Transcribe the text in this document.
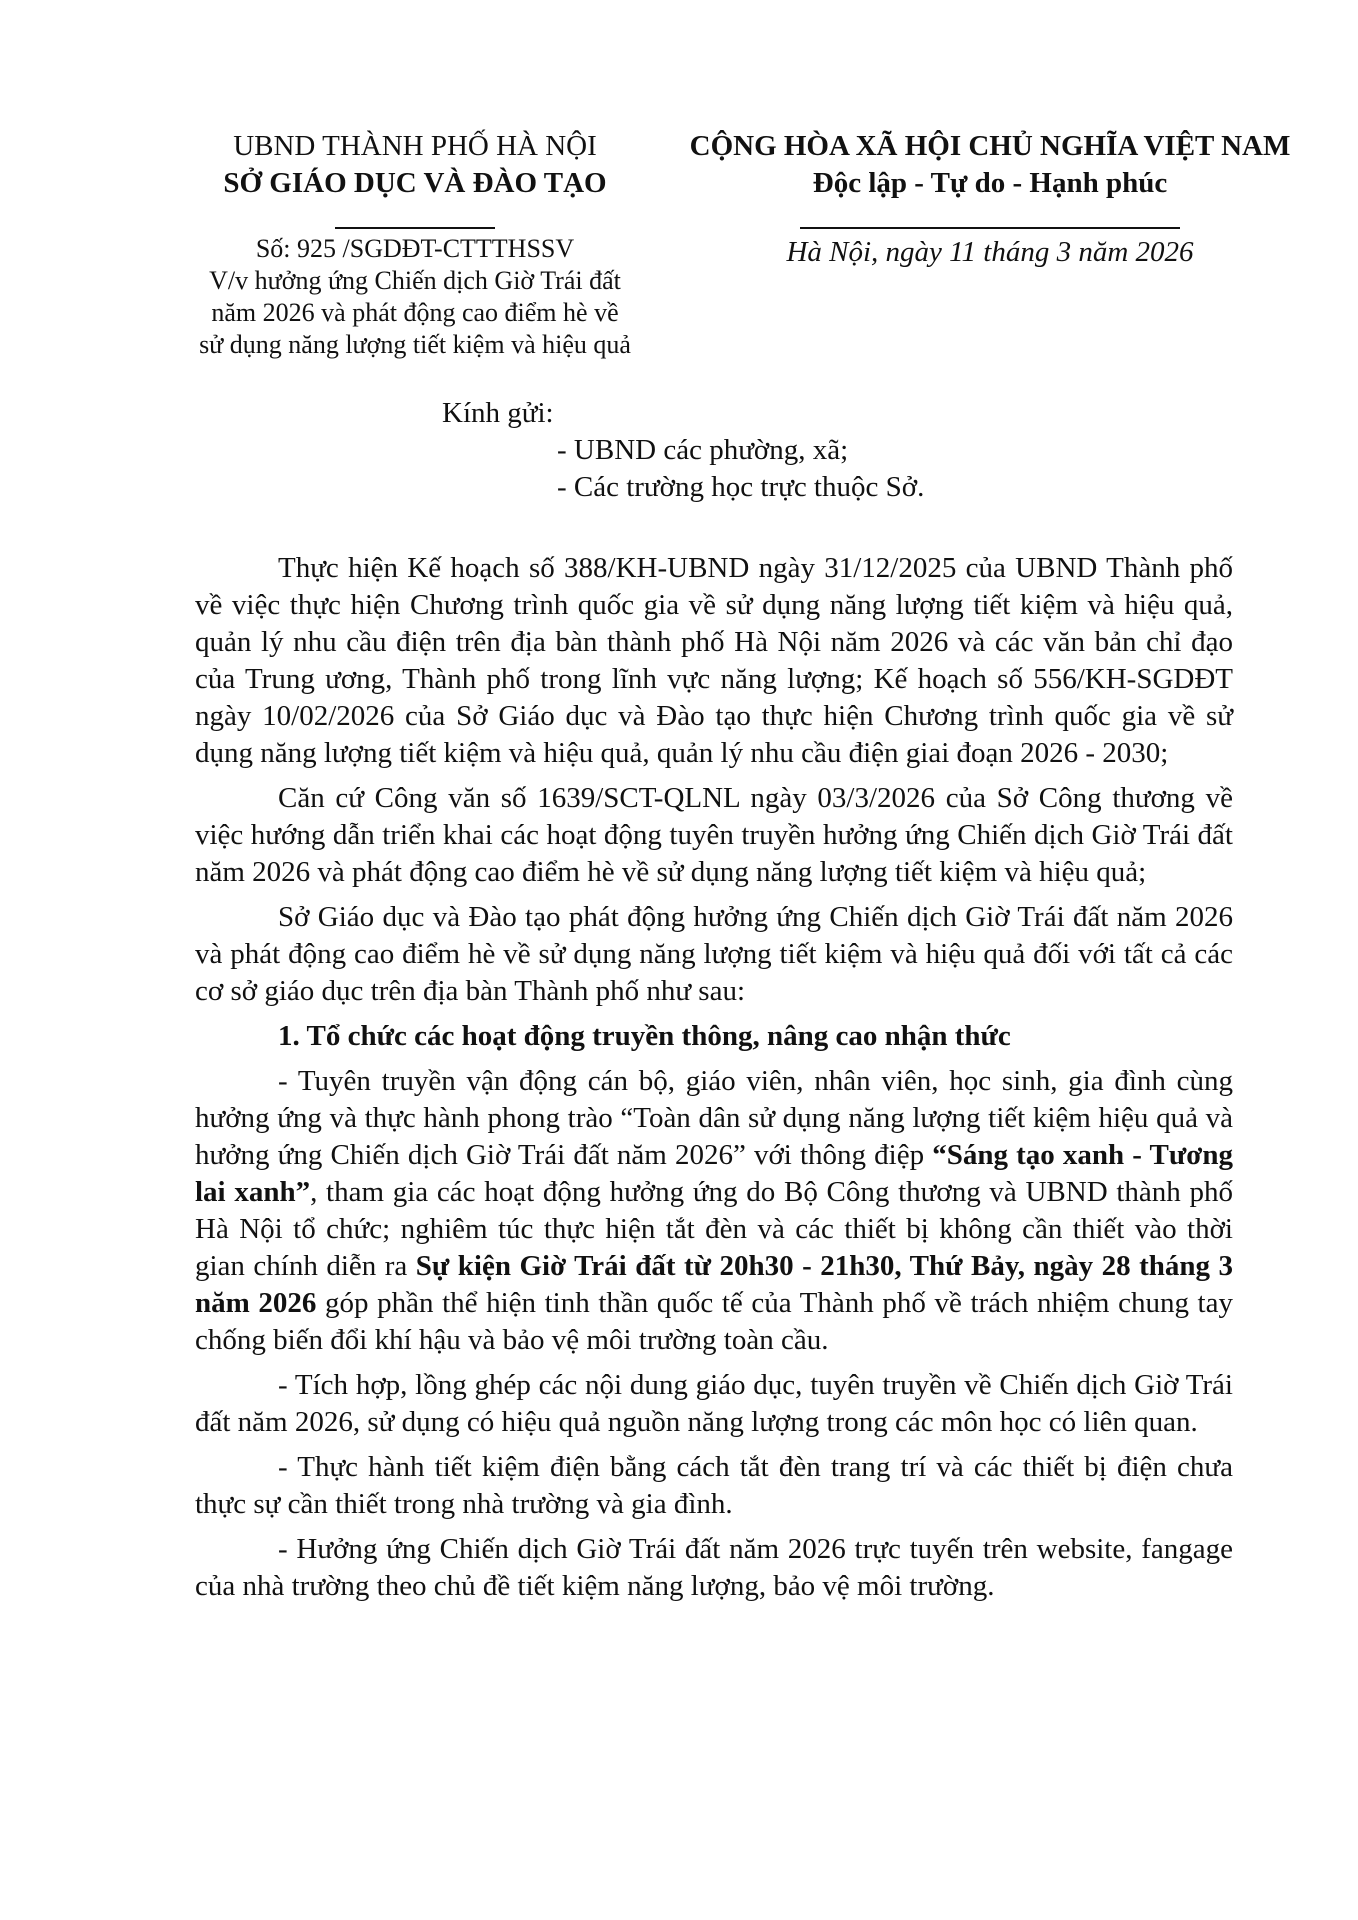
UBND THÀNH PHỐ HÀ NỘI
SỞ GIÁO DỤC VÀ ĐÀO TẠO
CỘNG HÒA XÃ HỘI CHỦ NGHĨA VIỆT NAM
Độc lập - Tự do - Hạnh phúc
Số: 925 /SGDĐT-CTTTHSSV
V/v hưởng ứng Chiến dịch Giờ Trái đất
năm 2026 và phát động cao điểm hè về
sử dụng năng lượng tiết kiệm và hiệu quả
Hà Nội, ngày 11 tháng 3 năm 2026
Kính gửi:
- UBND các phường, xã;
- Các trường học trực thuộc Sở.

Thực hiện Kế hoạch số 388/KH-UBND ngày 31/12/2025 của UBND Thành phố về việc thực hiện Chương trình quốc gia về sử dụng năng lượng tiết kiệm và hiệu quả, quản lý nhu cầu điện trên địa bàn thành phố Hà Nội năm 2026 và các văn bản chỉ đạo của Trung ương, Thành phố trong lĩnh vực năng lượng; Kế hoạch số 556/KH-SGDĐT ngày 10/02/2026 của Sở Giáo dục và Đào tạo thực hiện Chương trình quốc gia về sử dụng năng lượng tiết kiệm và hiệu quả, quản lý nhu cầu điện giai đoạn 2026 - 2030;

Căn cứ Công văn số 1639/SCT-QLNL ngày 03/3/2026 của Sở Công thương về việc hướng dẫn triển khai các hoạt động tuyên truyền hưởng ứng Chiến dịch Giờ Trái đất năm 2026 và phát động cao điểm hè về sử dụng năng lượng tiết kiệm và hiệu quả;

Sở Giáo dục và Đào tạo phát động hưởng ứng Chiến dịch Giờ Trái đất năm 2026 và phát động cao điểm hè về sử dụng năng lượng tiết kiệm và hiệu quả đối với tất cả các cơ sở giáo dục trên địa bàn Thành phố như sau:

1. Tổ chức các hoạt động truyền thông, nâng cao nhận thức

- Tuyên truyền vận động cán bộ, giáo viên, nhân viên, học sinh, gia đình cùng hưởng ứng và thực hành phong trào “Toàn dân sử dụng năng lượng tiết kiệm hiệu quả và hưởng ứng Chiến dịch Giờ Trái đất năm 2026” với thông điệp “Sáng tạo xanh - Tương lai xanh”, tham gia các hoạt động hưởng ứng do Bộ Công thương và UBND thành phố Hà Nội tổ chức; nghiêm túc thực hiện tắt đèn và các thiết bị không cần thiết vào thời gian chính diễn ra Sự kiện Giờ Trái đất từ 20h30 - 21h30, Thứ Bảy, ngày 28 tháng 3 năm 2026 góp phần thể hiện tinh thần quốc tế của Thành phố về trách nhiệm chung tay chống biến đổi khí hậu và bảo vệ môi trường toàn cầu.

- Tích hợp, lồng ghép các nội dung giáo dục, tuyên truyền về Chiến dịch Giờ Trái đất năm 2026, sử dụng có hiệu quả nguồn năng lượng trong các môn học có liên quan.

- Thực hành tiết kiệm điện bằng cách tắt đèn trang trí và các thiết bị điện chưa thực sự cần thiết trong nhà trường và gia đình.

- Hưởng ứng Chiến dịch Giờ Trái đất năm 2026 trực tuyến trên website, fangage của nhà trường theo chủ đề tiết kiệm năng lượng, bảo vệ môi trường.
